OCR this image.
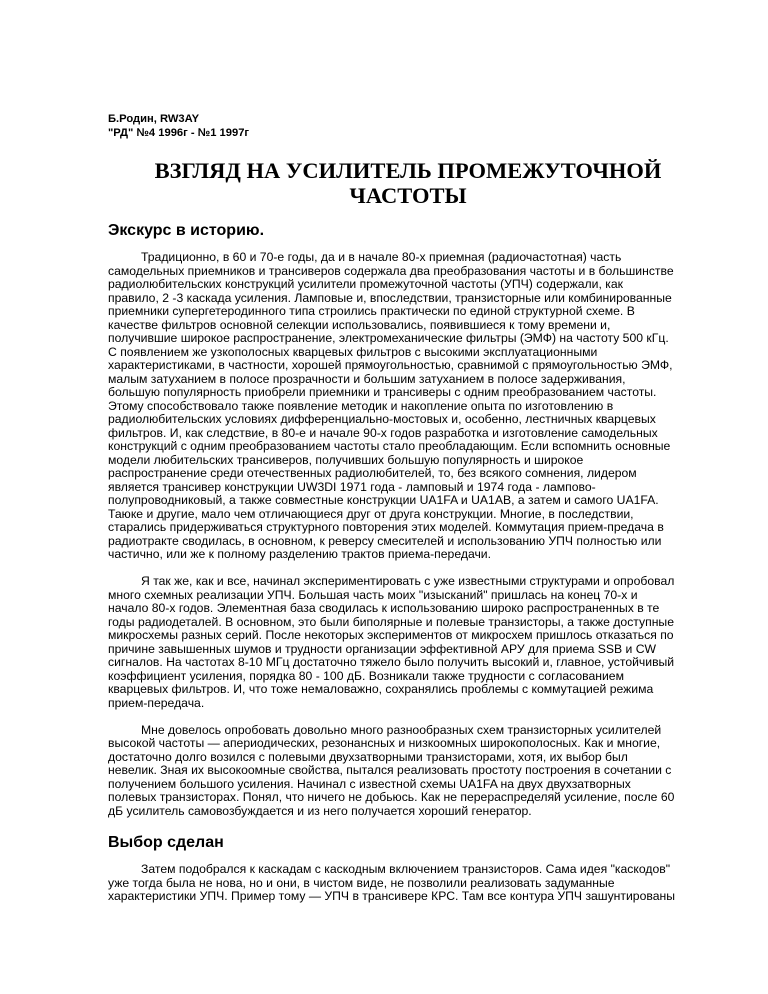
Б.Родин, RW3AY

"РД" №4 1996г - №1 1997г

ВЗГЛЯД НА УСИЛИТЕЛЬ ПРОМЕЖУТОЧНОЙ
ЧАСТОТЫ
Экскурс в историю.

Традиционно, в 60 и 70-е годы, да и в начале 80-х приемная (радиочастотная) часть
самодельных приемников и трансиверов содержала два преобразования частоты и в большинстве
радиолюбительских конструкций усилители промежуточной частоты (УПЧ) содержали, как
правило, 2 -3 каскада усиления. Ламповые и, впоследствии, транзисторные или комбинированные
приемники супергетеродинного типа строились практически по единой структурной схеме. В
качестве фильтров основной селекции использовались, появившиеся к тому времени и,
получившие широкое распространение, электромеханические фильтры (ЭМФ) на частоту 500 кГц.
С появлением же узкополосных кварцевых фильтров с высокими эксплуатационными
характеристиками, в частности, хорошей прямоугольностью, сравнимой с прямоугольностью ЭМФ,
малым затуханием в полосе прозрачности и большим затуханием в полосе задерживания,
большую популярность приобрели приемники и трансиверы с одним преобразованием частоты.
Этому способствовало также появление методик и накопление опыта по изготовлению в
радиолюбительских условиях дифференциально-мостовых и, особенно, лестничных кварцевых
фильтров. И, как следствие, в 80-е и начале 90-х годов разработка и изготовление самодельных
конструкций с одним преобразованием частоты стало преобладающим. Если вспомнить основные
модели любительских трансиверов, получивших большую популярность и широкое
распространение среди отечественных радиолюбителей, то, без всякого сомнения, лидером
является трансивер конструкции UW3DI 1971 года - ламповый и 1974 года - лампово-
полупроводниковый, а также совместные конструкции UA1FA и UA1AB, а затем и самого UA1FA.
Таюке и другие, мало чем отличающиеся друг от друга конструкции. Многие, в последствии,
старались придерживаться структурного повторения этих моделей. Коммутация прием-предача в
радиотракте сводилась, в основном, к реверсу смесителей и использованию УПЧ полностью или
частично, или же к полному разделению трактов приема-передачи.

Я так же, как и все, начинал экспериментировать с уже известными структурами и опробовал
много схемных реализации УПЧ. Большая часть моих "изысканий" пришлась на конец 70-х и
начало 80-х годов. Элементная база сводилась к использованию широко распространенных в те
годы радиодеталей. В основном, это были биполярные и полевые транзисторы, а также доступные
микросхемы разных серий. После некоторых экспериментов от микросхем пришлось отказаться по
причине завышенных шумов и трудности организации эффективной АРУ для приема SSB и CW
сигналов. На частотах 8-10 МГц достаточно тяжело было получить высокий и, главное, устойчивый
коэффициент усиления, порядка 80 - 100 дБ. Возникали также трудности с согласованием
кварцевых фильтров. И, что тоже немаловажно, сохранялись проблемы с коммутацией режима
прием-передача.

Мне довелось опробовать довольно много разнообразных схем транзисторных усилителей
высокой частоты — апериодических, резонансных и низкоомных широкополосных. Как и многие,
достаточно долго возился с полевыми двухзатворными транзисторами, хотя, их выбор был
невелик. Зная их высокоомные свойства, пытался реализовать простоту построения в сочетании с
получением большого усиления. Начинал с известной схемы UA1FA на двух двухзатворных
полевых транзисторах. Понял, что ничего не добьюсь. Как не перераспределяй усиление, после 60
дБ усилитель самовозбуждается и из него получается хороший генератор.

Выбор сделан

Затем подобрался к каскадам с каскодным включением транзисторов. Сама идея "каскодов"
уже тогда была не нова, но и они, в чистом виде, не позволили реализовать задуманные
характеристики УПЧ. Пример тому — УПЧ в трансивере КРС. Там все контура УПЧ зашунтированы
